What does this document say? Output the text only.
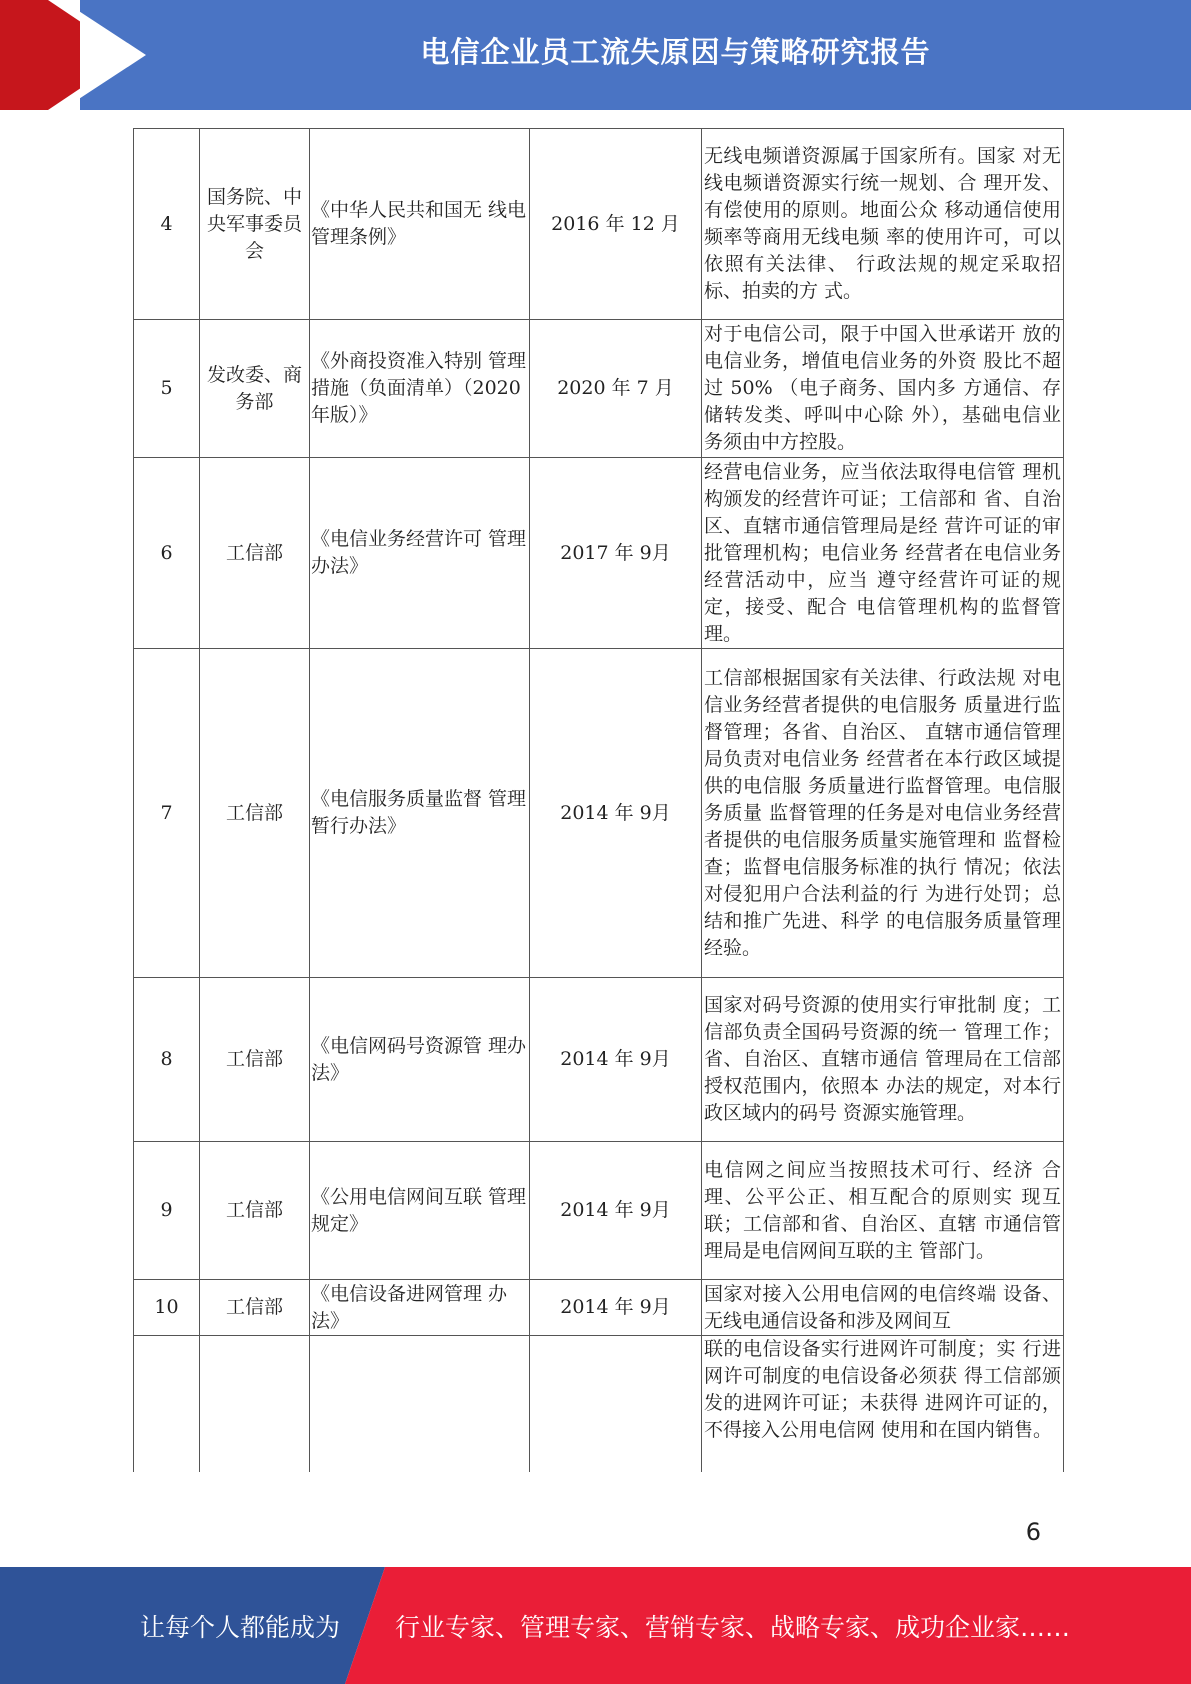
电信企业员工流失原因与策略研究报告
4	国务院、中央军事委员会	《中华人民共和国无 线电管理条例》	2016 年 12 月	无线电频谱资源属于国家所有。国家 对无线电频谱资源实行统一规划、合 理开发、有偿使用的原则。地面公众 移动通信使用频率等商用无线电频 率的使用许可，可以依照有关法律、 行政法规的规定采取招标、拍卖的方 式。
5	发改委、商务部	《外商投资准入特别 管理措施（负面清单）（2020 年版）》	2020 年 7 月	对于电信公司，限于中国入世承诺开 放的电信业务，增值电信业务的外资 股比不超过 50% （电子商务、国内多 方通信、存储转发类、呼叫中心除 外），基础电信业务须由中方控股。
6	工信部	《电信业务经营许可 管理办法》	2017 年 9月	经营电信业务，应当依法取得电信管 理机构颁发的经营许可证；工信部和 省、自治区、直辖市通信管理局是经 营许可证的审批管理机构；电信业务 经营者在电信业务经营活动中，应当 遵守经营许可证的规定，接受、配合 电信管理机构的监督管理。
7	工信部	《电信服务质量监督 管理暂行办法》	2014 年 9月	工信部根据国家有关法律、行政法规 对电信业务经营者提供的电信服务 质量进行监督管理；各省、自治区、 直辖市通信管理局负责对电信业务 经营者在本行政区域提供的电信服 务质量进行监督管理。电信服务质量 监督管理的任务是对电信业务经营 者提供的电信服务质量实施管理和 监督检查；监督电信服务标准的执行 情况；依法对侵犯用户合法利益的行 为进行处罚；总结和推广先进、科学 的电信服务质量管理经验。
8	工信部	《电信网码号资源管 理办法》	2014 年 9月	国家对码号资源的使用实行审批制 度；工信部负责全国码号资源的统一 管理工作；省、自治区、直辖市通信 管理局在工信部授权范围内，依照本 办法的规定，对本行政区域内的码号 资源实施管理。
9	工信部	《公用电信网间互联 管理规定》	2014 年 9月	电信网之间应当按照技术可行、经济 合理、公平公正、相互配合的原则实 现互联；工信部和省、自治区、直辖 市通信管理局是电信网间互联的主 管部门。
10	工信部	《电信设备进网管理 办法》	2014 年 9月	国家对接入公用电信网的电信终端 设备、无线电通信设备和涉及网间互
				联的电信设备实行进网许可制度；实 行进网许可制度的电信设备必须获 得工信部颁发的进网许可证；未获得 进网许可证的，不得接入公用电信网 使用和在国内销售。
6
让每个人都能成为 行业专家、管理专家、营销专家、战略专家、成功企业家……
